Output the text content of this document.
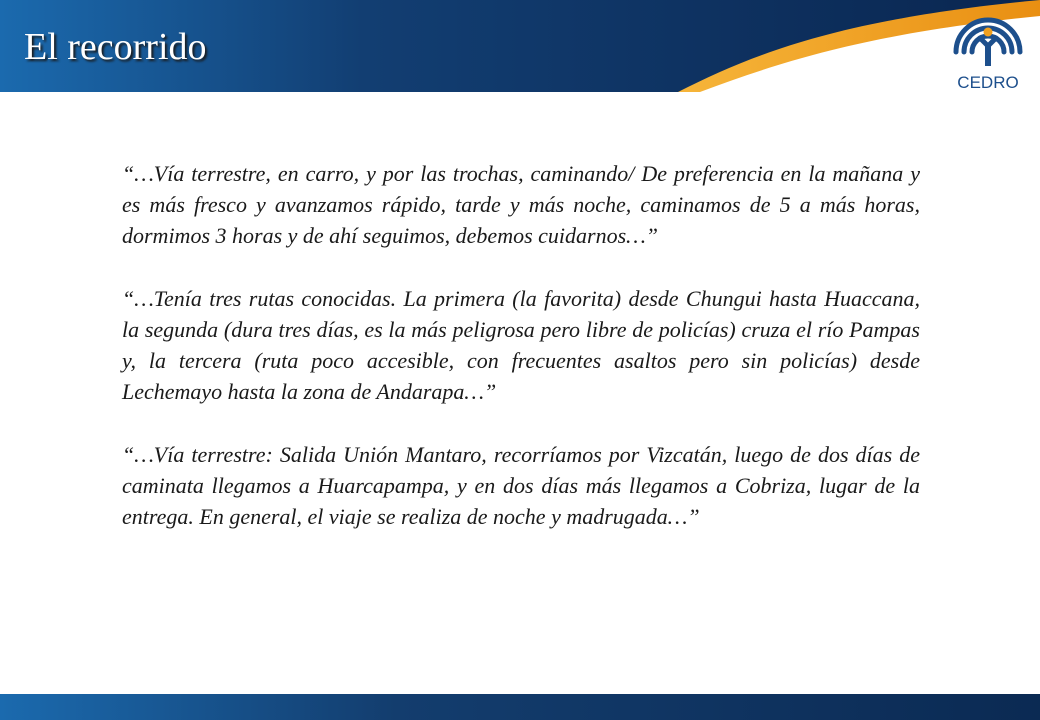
El recorrido
CEDRO

“…Vía terrestre, en carro, y por las trochas, caminando/ De preferencia en la mañana y es más fresco y avanzamos rápido, tarde y más noche, caminamos de 5 a más horas, dormimos 3 horas y de ahí seguimos, debemos cuidarnos…”

“…Tenía tres rutas conocidas. La primera (la favorita) desde Chungui hasta Huaccana, la segunda (dura tres días, es la más peligrosa pero libre de policías) cruza el río Pampas y, la tercera (ruta poco accesible, con frecuentes asaltos pero sin policías) desde Lechemayo hasta la zona de Andarapa…”

“…Vía terrestre: Salida Unión Mantaro, recorríamos por Vizcatán, luego de dos días de caminata llegamos a Huarcapampa, y en dos días más llegamos a Cobriza, lugar de la entrega. En general, el viaje se realiza de noche y madrugada…”
